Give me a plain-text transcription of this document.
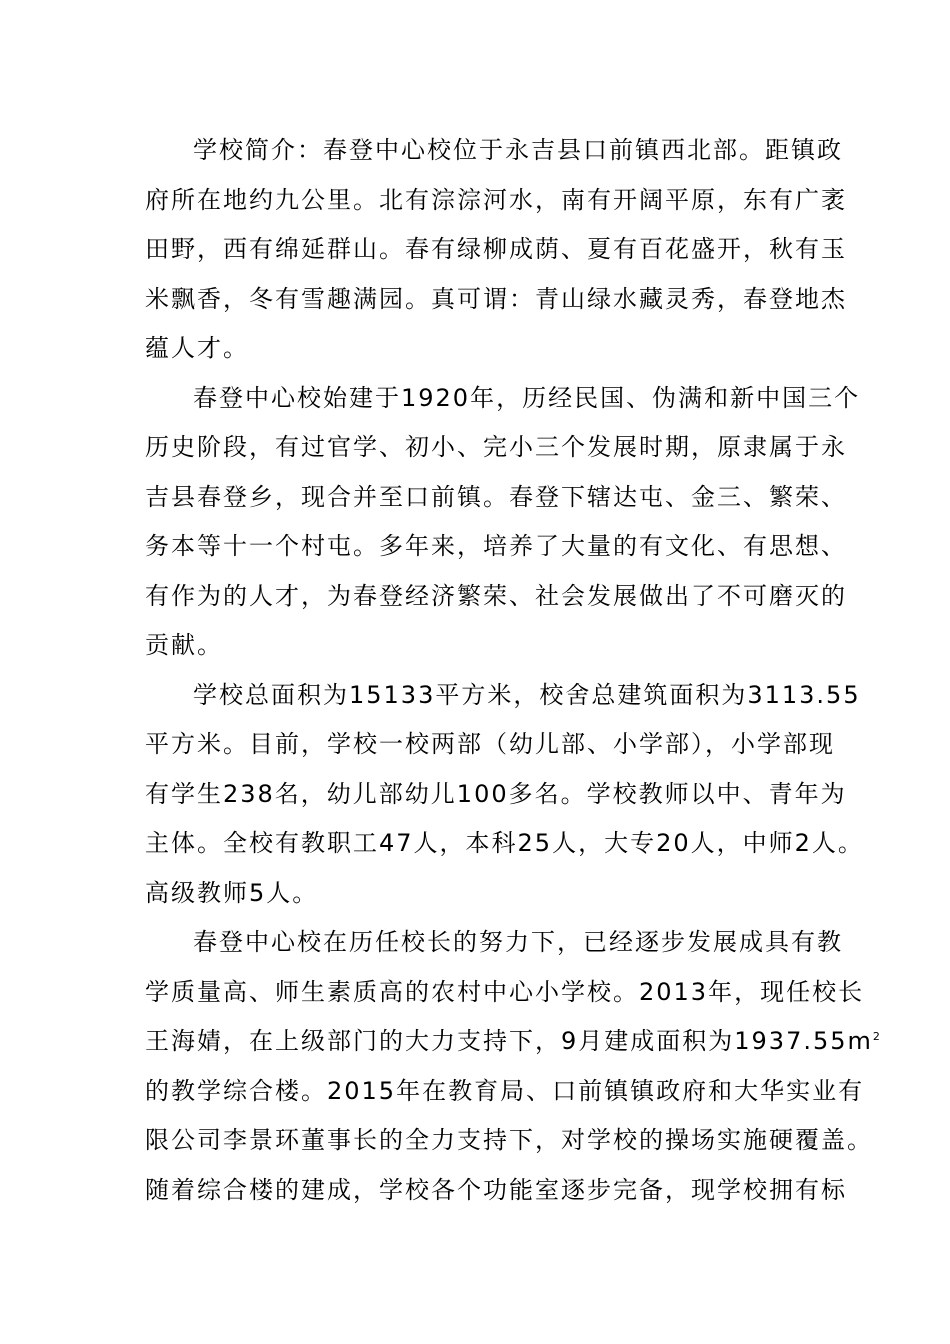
学校简介：春登中心校位于永吉县口前镇西北部。距镇政
府所在地约九公里。北有淙淙河水，南有开阔平原，东有广袤
田野，西有绵延群山。春有绿柳成荫、夏有百花盛开，秋有玉
米飘香，冬有雪趣满园。真可谓：青山绿水藏灵秀，春登地杰
蕴人才。
春登中心校始建于1920年，历经民国、伪满和新中国三个
历史阶段，有过官学、初小、完小三个发展时期，原隶属于永
吉县春登乡，现合并至口前镇。春登下辖达屯、金三、繁荣、
务本等十一个村屯。多年来，培养了大量的有文化、有思想、
有作为的人才，为春登经济繁荣、社会发展做出了不可磨灭的
贡献。
学校总面积为15133平方米，校舍总建筑面积为3113.55
平方米。目前，学校一校两部（幼儿部、小学部），小学部现
有学生238名，幼儿部幼儿100多名。学校教师以中、青年为
主体。全校有教职工47人，本科25人，大专20人，中师2人。
高级教师5人。
春登中心校在历任校长的努力下，已经逐步发展成具有教
学质量高、师生素质高的农村中心小学校。2013年，现任校长
王海婧，在上级部门的大力支持下，9月建成面积为$1937.55m^2$
的教学综合楼。2015年在教育局、口前镇镇政府和大华实业有
限公司李景环董事长的全力支持下，对学校的操场实施硬覆盖。
随着综合楼的建成，学校各个功能室逐步完备，现学校拥有标
